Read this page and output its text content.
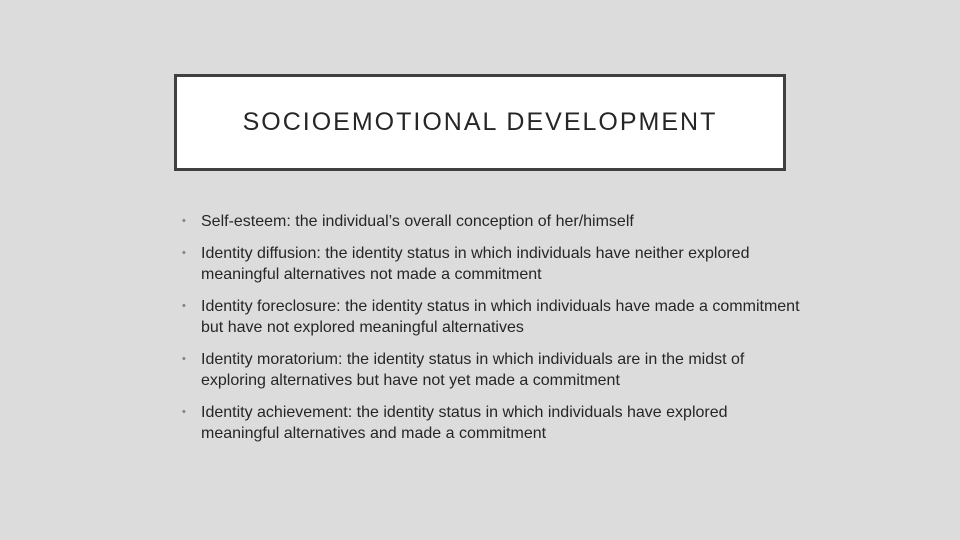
SOCIOEMOTIONAL DEVELOPMENT
• Self-esteem: the individual’s overall conception of her/himself
• Identity diffusion: the identity status in which individuals have neither explored meaningful alternatives not made a commitment
• Identity foreclosure: the identity status in which individuals have made a commitment but have not explored meaningful alternatives
• Identity moratorium: the identity status in which individuals are in the midst of exploring alternatives but have not yet made a commitment
• Identity achievement: the identity status in which individuals have explored meaningful alternatives and made a commitment
